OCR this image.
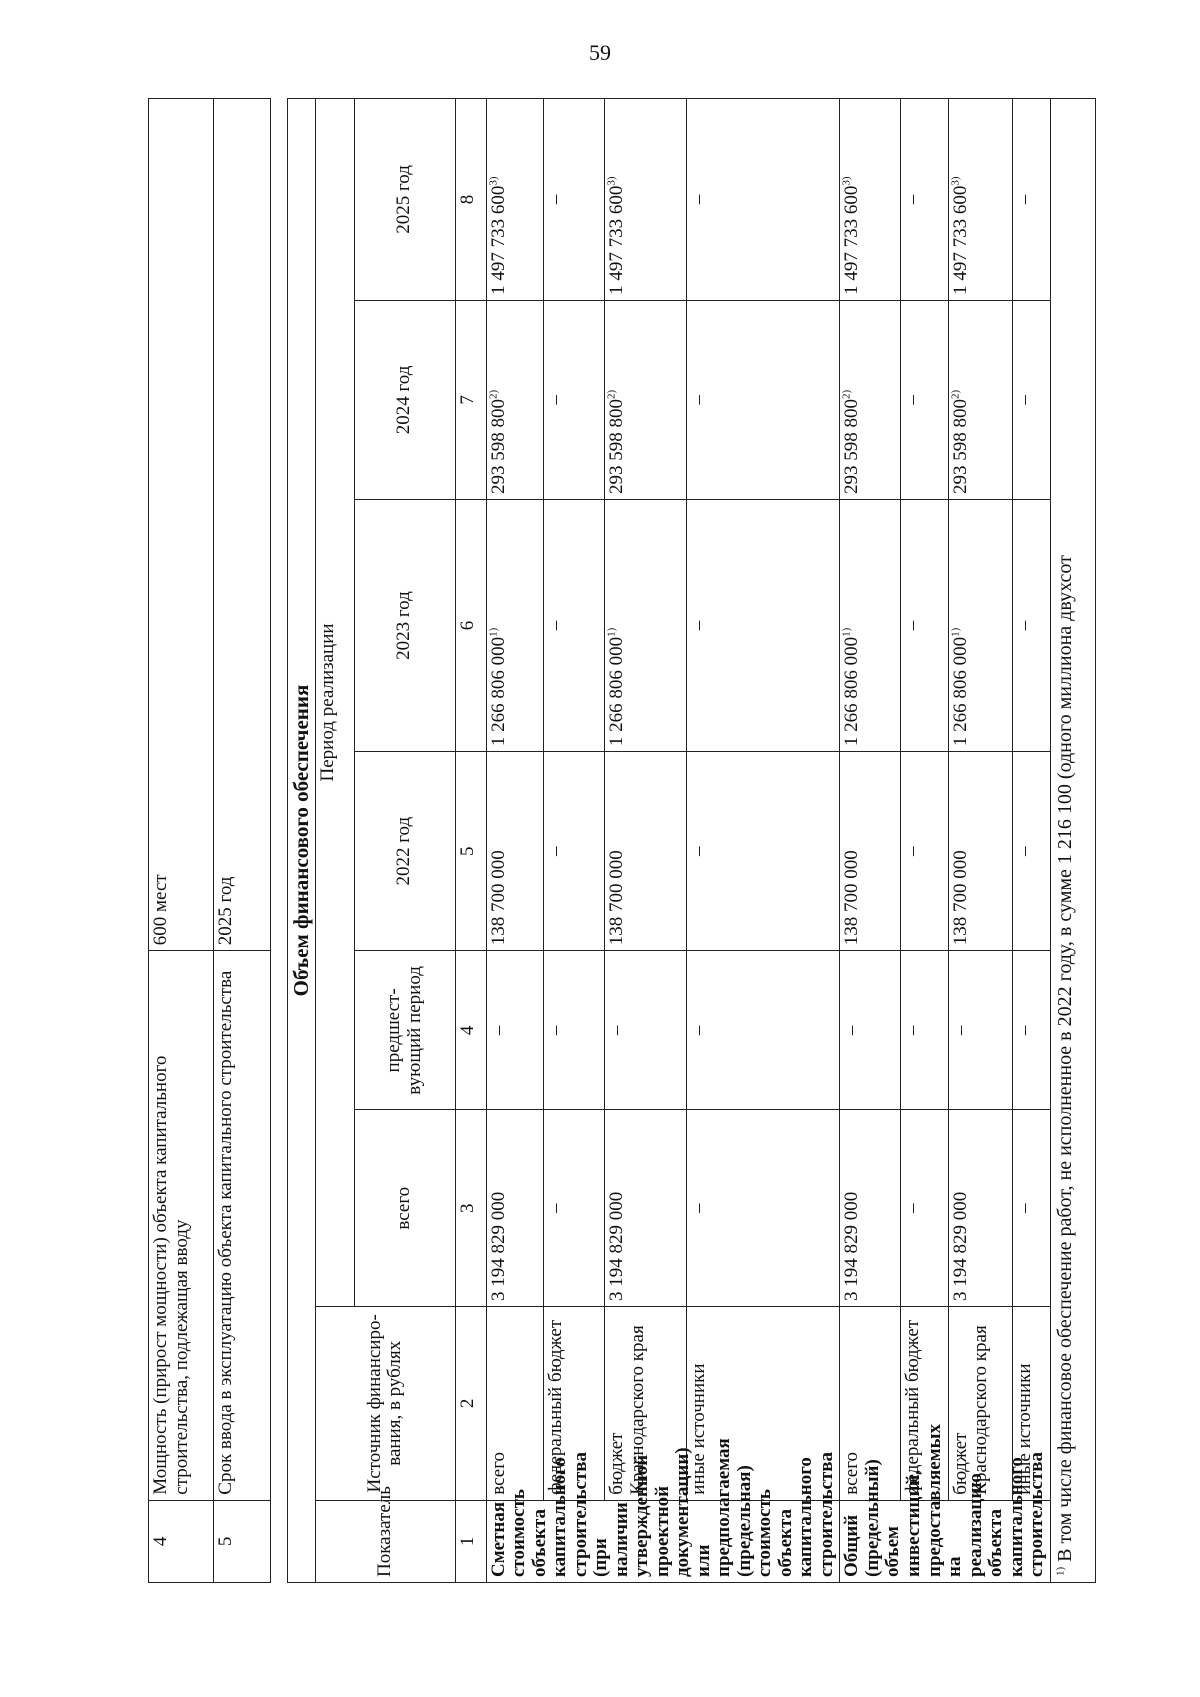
59
4	Мощность (прирост мощности) объекта капитального строительства, подлежащая вводу			600 мест			
5	Срок ввода в эксплуатацию объекта капитального строительства			2025 год			

Объем финансового обеспечения							
Показатель	Источник финансиро-вания, в рублях	Период реализации					
		всего	предшест-вующий период	2022 год	2023 год	2024 год	2025 год
1	2	3	4	5	6	7	8
Сметная стоимость объекта капитального строительства (при наличии утвержденной проектной документации) или предполагаемая (предельная) стоимость объекта капитального строительства	всего	3 194 829 000	–	138 700 000	1 266 806 000$^{1)}$	293 598 800$^{2)}$	1 497 733 600$^{3)}$
	федеральный бюджет	–	–	–	–	–	–
	бюджет Краснодарского края	3 194 829 000	–	138 700 000	1 266 806 000$^{1)}$	293 598 800$^{2)}$	1 497 733 600$^{3)}$
	иные источники	–	–	–	–	–	–
Общий (предельный) объем инвестиций, предоставляемых на реализацию объекта капитального строительства	всего	3 194 829 000	–	138 700 000	1 266 806 000$^{1)}$	293 598 800$^{2)}$	1 497 733 600$^{3)}$
	федеральный бюджет	–	–	–	–	–	–
	бюджет Краснодарского края	3 194 829 000	–	138 700 000	1 266 806 000$^{1)}$	293 598 800$^{2)}$	1 497 733 600$^{3)}$
	иные источники	–	–	–	–	–	–
$^{1)}$ В том числе финансовое обеспечение работ, не исполненное в 2022 году, в сумме 1 216 100 (одного миллиона двухсот							
